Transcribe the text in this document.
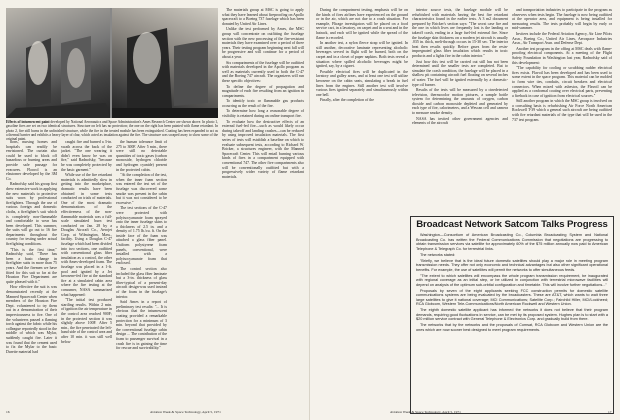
Effects of inturnescent paint developed by National Aeronautics and Space Administration's Ames Research Center are shown above. In photo 1, gasoline fires are set on two identical structures. Structure on left has no protection; the one on the right has been painted with flame retardant. In photo 2, fire still burns in the unfinished structure, while the fire in the treated module has been extinguished. Coating has been expanded to act as a thermal barrier and exhibits a heavy layer of char, which acted as insulation against the fire. The structure was scraped away to show some of the original paint.

tions, nursing homes and hospitals can readily be envisioned. The curtain also could be used to block off hazardous or burning areas and provide safe passage for evacuees. Floorol is an elastomer developed by the 3M Co.

Radnofsky said his group first drew extensive work in applying the new materials to protective suits worn by professional firefighters. Through the use of various foreign and domestic cloths, a firefighter's suit which is completely non-flammable and comfortable to wear has been developed. This summer, the suits will go out to 16 fire departments throughout the country for testing under actual firefighting conditions.

"This is the first time," Radnofsky said, "There has been a basic change in firefighter suits in more than 75 years. And the firemen we have fitted for this suit so far at the Houston Fire Department are quite pleased with it."

How effective the suit is was demonstrated recently at the Manned Spacecraft Center when members of the Houston Fire Dept. volunteered to try them out in a demonstration of their imperviousness to fire. One of the volunteers passed a flaming torch against the fabric while his colleague reportedly stood in the middle of which was Mylar, suddenly caught fire. Later it was found that the cement used to fix the Mylar to the basic Durette material had

caught fire and burned a 3-in. swath across the back of the jacket. "The one wearing it didn't even know he was on fire," said Radnofsky, "because he was completely protected by the basic garment."

While use of the fire retardant materials is admittedly slow in getting into the marketplace, dramatic results have been obtained in some tests conducted on trials of materials. One of the most dramatic demonstrations of the effectiveness of the non-flammable materials was a full-scale simulated burn test conducted on Jan. 28 by a Douglas Aircraft Co., Aerojet Corp. at Wilmington, Mass., facility. Using a Douglas C-47 fuselage which had been divided into two sections, one outfitted with conventional glass fiber insulation as a control, the other with Ames-developed foam. The fuselage was placed in a 1-ft. pool and ignited by a Jet kerosene-fed fire at the standard fire at a simulated cabin area where the fire testing at the consumer, NASA summarized what happened:

"The initial test produced startling results. Within 2 min. of ignition the air temperature in the control area reached 900F; in the protected section it was slightly above 100F. After 5 min., the fire penetrated the left-hand side of the control area and after 10 min. it was still well below

the human tolerance limit of 275 to 300F. After 5 min., there were still no detectable quantities of toxic gases (carbon monoxide, hydrogen chloride and hydrogen cyanide) present in the protected cabin.

"At the completion of the test, when the inner foam section was entered the test set of the fuselage was discovered some smoke was present in the cabin but it was not considered to be excessive."

The test sections of the C-47 were protected with polyisocyanurate foam sprayed onto the inner fuselage skins to a thickness of 2.5 in. and a density of 1.75 lb./cu. ft. On the inside face of the foam was attached a glass fiber panel. Uniform polystyrene foam panels, conventional, were installed with a polyisocyanurate foam that enclosed.

The control section also included the glass fiber laminate but a 3-in. thickness of glass fiber-typical of a present-day aircraft design-was used instead of the foam in the fuselage's interior.

Said Ames in a report of preliminary test results: "... It is obvious that the intumescent coating provided a remarkable protection for a minimum of 3 min. beyond that provided by the conventional fuselage cabin design ... The contribution of the foam to passenger survival in a crash fire is in gaining the time for rescue and survivability."

The materials group at MSC is going to apply what they have learned about fireproofing on Apollo spacecraft to a Boeing 737 fuselage which has been donated by United Air Lines.

Unlike the test performed by Ames, the MSC group will concentrate on outfitting the fuselage section with the new processing of the fire-resistant materials they have examined over a period of three years. Their testing program beginning next fall will be progressive and will continue for a period of about a year.

Six compartments of the fuselage will be outfitted with materials developed in the Apollo program as well as materials currently used in both the C-47 and the Boeing 747 aircraft. The organizers will run these specific objectives:

To define the degree of propagation and magnitude of each fire resulting from an ignition in compartments.

To identify toxic or flammable gas products occurring as the result of the fire.

To determine how long a reasonable degree of visibility is retained during an onfine transport fire.

To evaluate how the destructive effects of an external fuel-fed fire—such as would likely occur during takeoff and landing crashes—can be reduced by using improved insulation materials. The first series of tests will establish a baseline on which to evaluate subsequent tests, according to Richard W. Bricker, a structures engineer, with the Manned Spacecraft Center. This will entail burning various kinds of fires in a compartment equipped with conventional 747. The other five compartments also will be conventionally outfitted but with a progressively wider variety of flame retardant materials.

16	Aviation Week & Space Technology, April 5, 1971

During the compartment testing, emphasis will be on the kinds of fires airlines have experienced on the ground or in the air, which are not due to a crash situation. For example, Flirage investigators will be placed on a food service cart, in a lavatory, on carpet and in a seat and in the hatrack, and each will be ignited while the spread of the flame is recorded.

In another test, a nylon fleece strap will be ignited. In still another, decorative laminate representing alcoholic beverages served in flight will be burned, both on the carpet and in a closet of paper napkins. Both tests reveal a situation where spilled alcoholic beverages might be ignited, say, by a cigaret.

Possible electrical fires will be duplicated in the lavatory and galley areas, and at least one test will utilize kerosene on the cabin seats, simulating a break in fuel lines from the engines. Still another test will involve various fires ignited separately and simultaneously within one bell.

Finally, after the completion of the

interior source tests, the fuselage module will be refurbished with materials having the best fire retardant characteristics found in the earlier tests. A 3 m2 document prepared by Bricker's section says: "The worst case fire and the one in which lives are frequently lost is the landing or takeoff crash, ending in a large fuel-fed external fire. Since the fuselage skin thickness on a modern jet aircraft is usually .035 in. thick, melt-through occurs in 15-30 sec. The interior heat then results quickly. Before gases from the resin-impregnated glass fiber insulation which results in toxic products and a lights fire in the cabin interior."

Just how this test will be carried out still has not been determined until the smaller tests are completed. But to simulate the crash condition, the fuselage will be placed in a shallow pit containing aircraft fuel floating on several inches of water. The fuel will be ignited externally by a domestic-type oil burner.

Results of the tests will be measured by a cinedetected television, thermocolor motion pictures, a sample bottle system for determining the amounts of oxygen, carbon dioxide and carbon monoxide depleted and generated by each type of fire, calorimeters, and a Wescan cell and camera to measure smoke density.

NASA has invited other government agencies and elements of the aircraft

and transportation industries to participate in the program as observers when tests begin. The fuselage is now being outfitted at the operator area, and equipment is being installed for measuring results. The tests probably will begin by early or mid-summer.

Invitees include the Federal Aviation Agency, Air Line Pilots Assn., Boeing Co., United Air Lines, Aerospace Industries Assn., Air Transport Assn. and Defense Dept.

Another test program in the offing at MSC deals with flame-proofing electrical components. At a meeting of the Flight Safety Foundation in Washington last year, Radnofsky said of this development:

"The capability for cooling or scrubbing rudder electrical fires exists. Flavoil has been developed and has been used to some extent in the space program. This material can be molded to form wire ties, conduits, circuit breakers and electrical connectors. When mixed with asbestos, the Flavoil can be applied as a conformal coating over electrical parts, preventing a fireback in case of ignition from electrical sources."

Still another program in which the MSC group is involved on a consulting basis is refurbishing Air Force North American Rockwell T-39 which a general such aircraft are being outfitted with fire retardant materials of the type that will be used in the 737 test program.

Broadcast Network Satcom Talks Progress

Washington—Consortium of American Broadcasting Co., Columbia Broadcasting System and National Broadcasting Co. has written the Federal Communications Commission that negotiations are progressing to obtain transmission services via satellite for approximately 60% of the $75 million annually now paid to American Telephone & Telegraph Co. for terrestrial links.

The networks stated:

"Briefly, we believe that is the ideal future domestic satellites should play a major role in meeting program transmission needs. They offer not only economic and technical advantages but also other significant operational benefits. For example, the use of satellites will permit the networks to offer simultaneous feeds.

"The extent to which satellites will encompass the whole program transmission requirement, be inaugurated with regional coverage as an initial step, or be utilized in conjunction with terrestrial microwave facilities will depend on analysis of the optimum sub-orbital configuration and timetable. This will involve further negotiations..."

Proposals by seven of the eight applicants seeking FCC construction permits for domestic satellite communications systems are being evaluated by the broadcasters. These are AT&T, which wants to wait three large satellites to give it national coverage; MCI Communications; Satellite Corp.; Fairchild Hiller, MCI/Lockheed; RCA Globcom, Western Tele-Communications/North American Rockwell and Western Union.

The eighth domestic satellite applicant has informed the networks it does not believe that their program demands, requiring good fluctuations in service, can be met by its proposed system. Hughes plan is to start with a $20 million service contract with General Telephone & Electronics Corp. and gradually build from there.

The networks that by the networks and the proposals of Comsat, RCA Globcom and Western Union are the ones which are now sooner best designed to meet program requirements.

Aviation Week & Space Technology, April 5, 1971	17
